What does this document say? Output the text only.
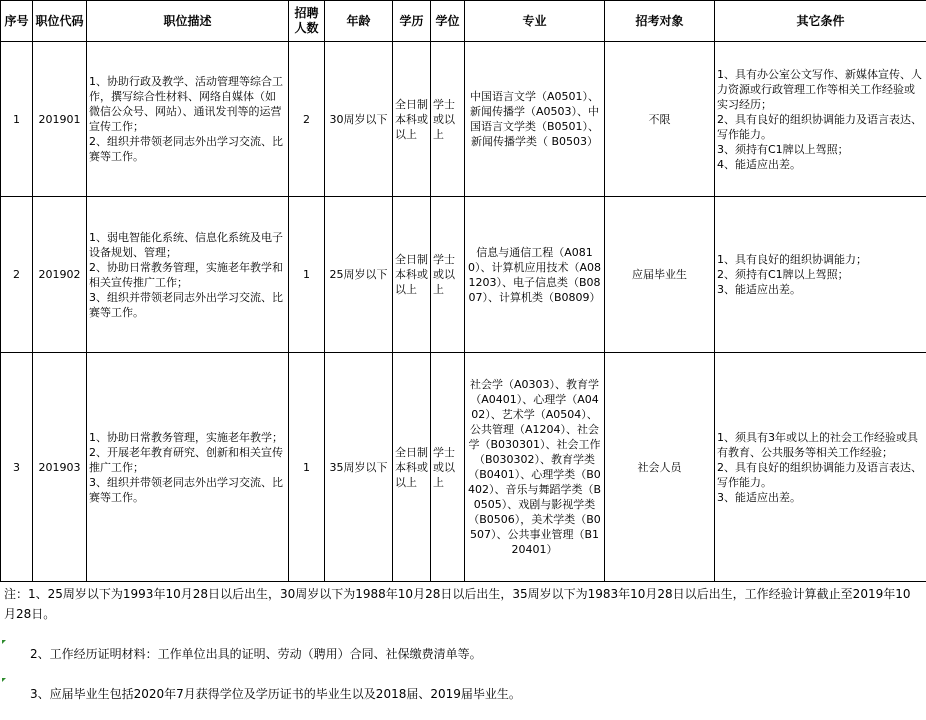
序号	职位代码	职位描述	招聘人数	年龄	学历	学位	专业	招考对象	其它条件
1	201901	1、协助行政及教学、活动管理等综合工作，撰写综合性材料、网络自媒体（如微信公众号、网站）、通讯发刊等的运营宣传工作；
2、组织并带领老同志外出学习交流、比赛等工作。	2	30周岁以下	全日制本科或以上	学士或以上	中国语言文学（A0501）、新闻传播学（A0503）、中国语言文学类（B0501）、新闻传播学类（ B0503）	不限	1、具有办公室公文写作、新媒体宣传、人力资源或行政管理工作等相关工作经验或实习经历；
2、具有良好的组织协调能力及语言表达、写作能力。
3、须持有C1牌以上驾照；
4、能适应出差。
2	201902	1、弱电智能化系统、信息化系统及电子设备规划、管理；
2、协助日常教务管理，实施老年教学和相关宣传推广工作；
3、组织并带领老同志外出学习交流、比赛等工作。	1	25周岁以下	全日制本科或以上	学士或以上	信息与通信工程（A0810）、计算机应用技术（A081203）、电子信息类（B0807）、计算机类（B0809）	应届毕业生	1、具有良好的组织协调能力；
2、须持有C1牌以上驾照；
3、能适应出差。
3	201903	1、协助日常教务管理，实施老年教学；
2、开展老年教育研究、创新和相关宣传推广工作；
3、组织并带领老同志外出学习交流、比赛等工作。	1	35周岁以下	全日制本科或以上	学士或以上	社会学（A0303）、教育学（A0401）、心理学（A0402）、艺术学（A0504）、公共管理（A1204）、社会学（B030301）、社会工作（B030302）、教育学类（B0401）、心理学类（B0402）、音乐与舞蹈学类（B0505）、戏剧与影视学类（B0506），美术学类（B0507）、公共事业管理（B120401）	社会人员	1、须具有3年或以上的社会工作经验或具有教育、公共服务等相关工作经验；
2、具有良好的组织协调能力及语言表达、写作能力。
3、能适应出差。
注：1、25周岁以下为1993年10月28日以后出生，30周岁以下为1988年10月28日以后出生，35周岁以下为1983年10月28日以后出生，工作经验计算截止至2019年10月28日。
2、工作经历证明材料：工作单位出具的证明、劳动（聘用）合同、社保缴费清单等。
3、应届毕业生包括2020年7月获得学位及学历证书的毕业生以及2018届、2019届毕业生。
